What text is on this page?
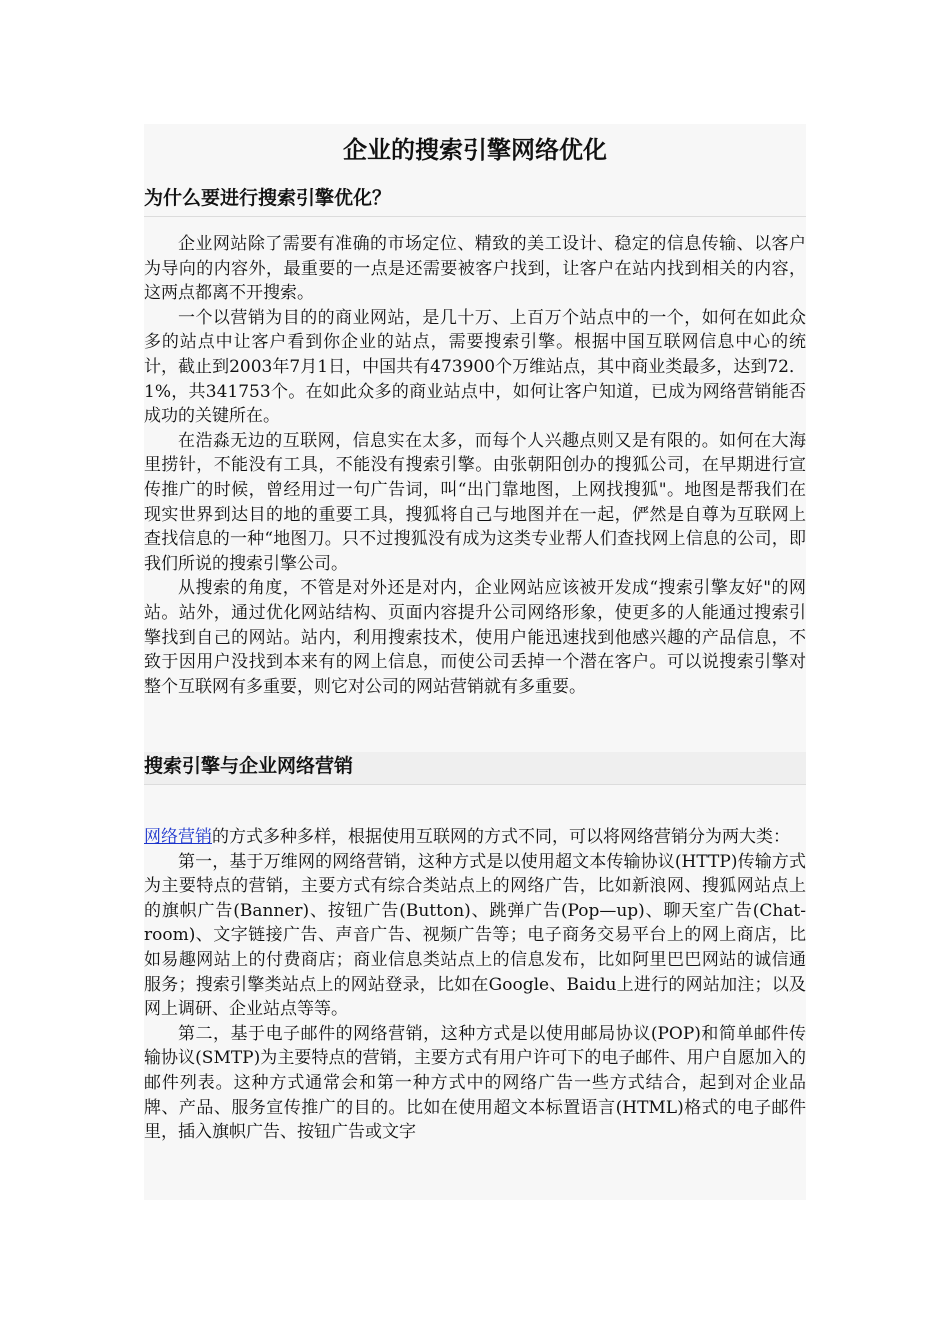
企业的搜索引擎网络优化
为什么要进行搜索引擎优化？

企业网站除了需要有准确的市场定位、精致的美工设计、稳定的信息传输、以客户为导向的内容外，最重要的一点是还需要被客户找到，让客户在站内找到相关的内容，这两点都离不开搜索。

一个以营销为目的的商业网站，是几十万、上百万个站点中的一个，如何在如此众多的站点中让客户看到你企业的站点，需要搜索引擎。根据中国互联网信息中心的统计，截止到2003年7月1日，中国共有473900个万维站点，其中商业类最多，达到72．1%，共341753个。在如此众多的商业站点中，如何让客户知道，已成为网络营销能否成功的关键所在。

在浩淼无边的互联网，信息实在太多，而每个人兴趣点则又是有限的。如何在大海里捞针，不能没有工具，不能没有搜索引擎。由张朝阳创办的搜狐公司，在早期进行宣传推广的时候，曾经用过一句广告词，叫“出门靠地图，上网找搜狐"。地图是帮我们在现实世界到达目的地的重要工具，搜狐将自己与地图并在一起，俨然是自尊为互联网上查找信息的一种“地图刀。只不过搜狐没有成为这类专业帮人们查找网上信息的公司，即我们所说的搜索引擎公司。

从搜索的角度，不管是对外还是对内，企业网站应该被开发成“搜索引擎友好"的网站。站外，通过优化网站结构、页面内容提升公司网络形象，使更多的人能通过搜索引擎找到自己的网站。站内，利用搜索技术，使用户能迅速找到他感兴趣的产品信息，不致于因用户没找到本来有的网上信息，而使公司丢掉一个潜在客户。可以说搜索引擎对整个互联网有多重要，则它对公司的网站营销就有多重要。

搜索引擎与企业网络营销

网络营销的方式多种多样，根据使用互联网的方式不同，可以将网络营销分为两大类：

第一，基于万维网的网络营销，这种方式是以使用超文本传输协议(HTTP)传输方式为主要特点的营销，主要方式有综合类站点上的网络广告，比如新浪网、搜狐网站点上的旗帜广告(Banner)、按钮广告(Button)、跳弹广告(Pop—up)、聊天室广告(Chat-room)、文字链接广告、声音广告、视频广告等；电子商务交易平台上的网上商店，比如易趣网站上的付费商店；商业信息类站点上的信息发布，比如阿里巴巴网站的诚信通服务；搜索引擎类站点上的网站登录，比如在Google、Baidu上进行的网站加注；以及网上调研、企业站点等等。

第二，基于电子邮件的网络营销，这种方式是以使用邮局协议(POP)和简单邮件传输协议(SMTP)为主要特点的营销，主要方式有用户许可下的电子邮件、用户自愿加入的邮件列表。这种方式通常会和第一种方式中的网络广告一些方式结合，起到对企业品牌、产品、服务宣传推广的目的。比如在使用超文本标置语言(HTML)格式的电子邮件里，插入旗帜广告、按钮广告或文字
